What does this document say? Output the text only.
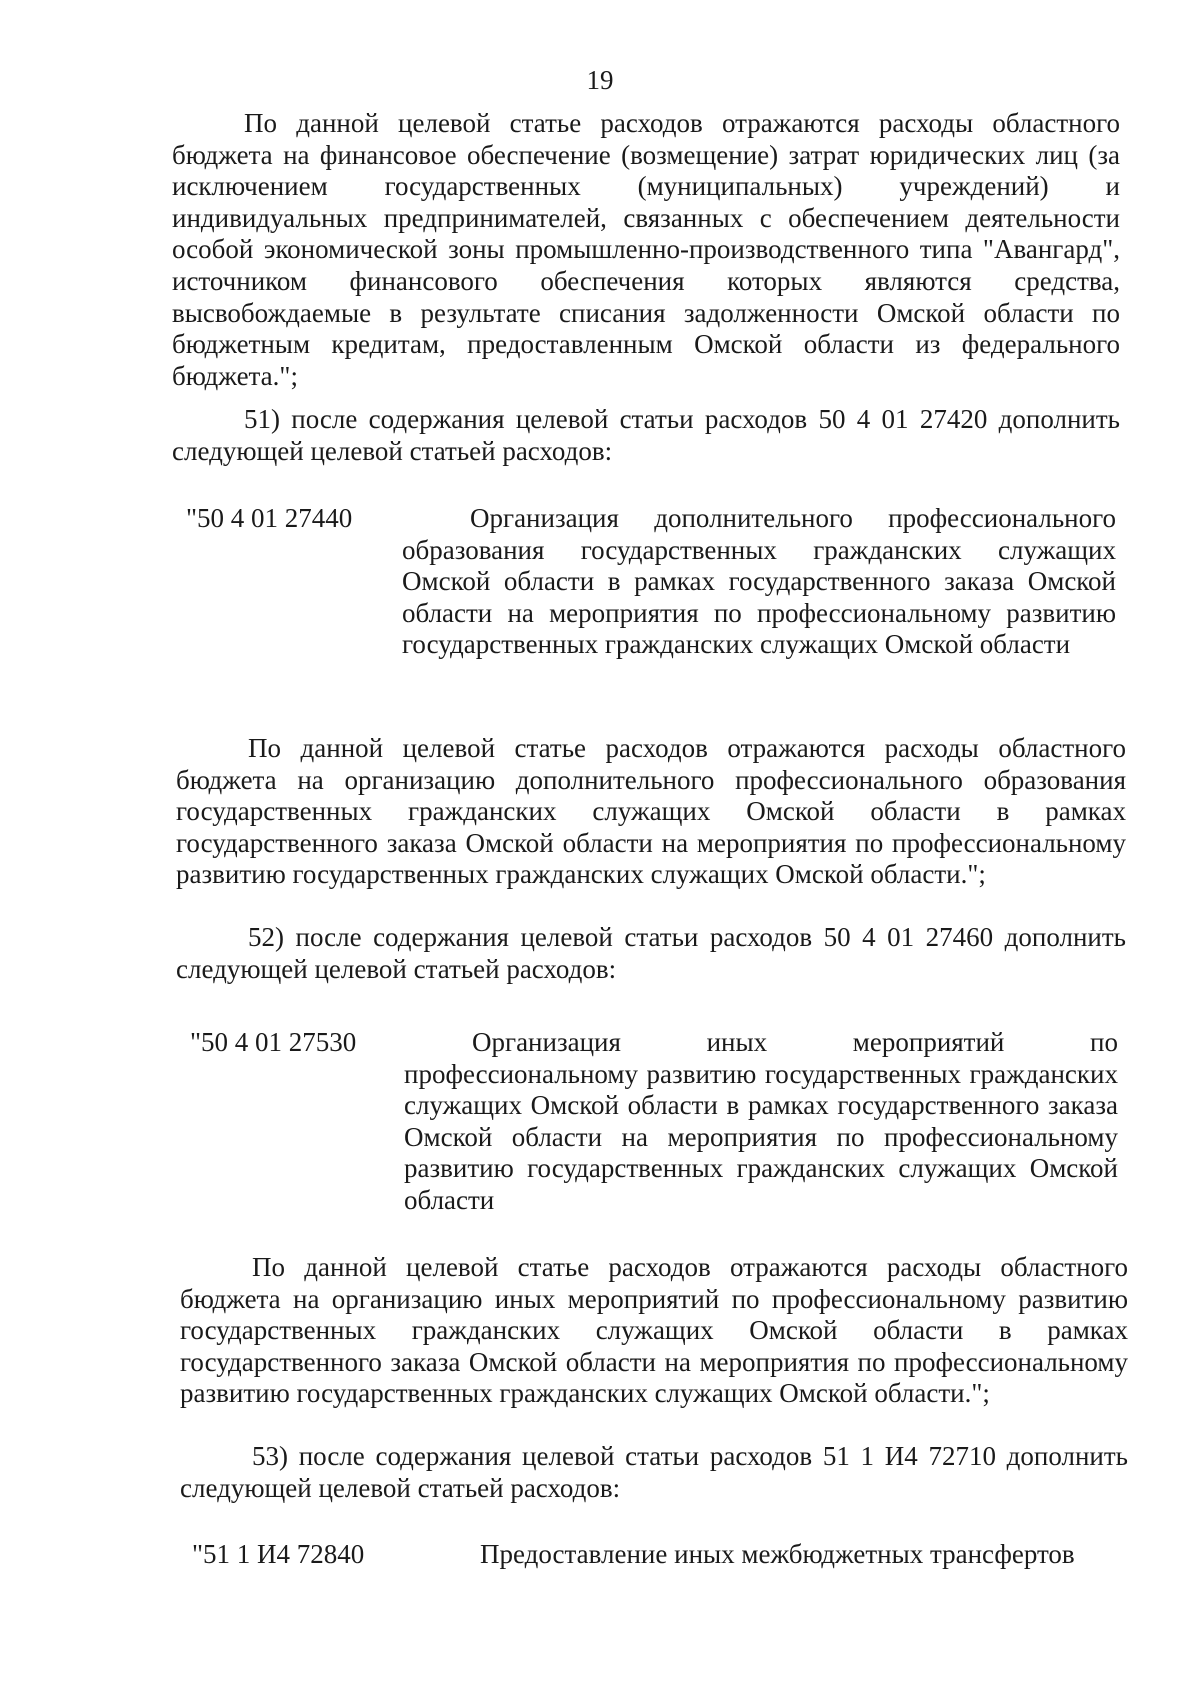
19

По данной целевой статье расходов отражаются расходы областного бюджета на финансовое обеспечение (возмещение) затрат юридических лиц (за исключением государственных (муниципальных) учреждений) и индивидуальных предпринимателей, связанных с обеспечением деятельности особой экономической зоны промышленно-производственного типа "Авангард", источником финансового обеспечения которых являются средства, высвобождаемые в результате списания задолженности Омской области по бюджетным кредитам, предоставленным Омской области из федерального бюджета.";

51) после содержания целевой статьи расходов 50 4 01 27420 дополнить следующей целевой статьей расходов:

"50 4 01 27440	Организация дополнительного профессионального образования государственных гражданских служащих Омской области в рамках государственного заказа Омской области на мероприятия по профессиональному развитию государственных гражданских служащих Омской области

По данной целевой статье расходов отражаются расходы областного бюджета на организацию дополнительного профессионального образования государственных гражданских служащих Омской области в рамках государственного заказа Омской области на мероприятия по профессиональному развитию государственных гражданских служащих Омской области.";

52) после содержания целевой статьи расходов 50 4 01 27460 дополнить следующей целевой статьей расходов:

"50 4 01 27530	Организация иных мероприятий по профессиональному развитию государственных гражданских служащих Омской области в рамках государственного заказа Омской области на мероприятия по профессиональному развитию государственных гражданских служащих Омской области

По данной целевой статье расходов отражаются расходы областного бюджета на организацию иных мероприятий по профессиональному развитию государственных гражданских служащих Омской области в рамках государственного заказа Омской области на мероприятия по профессиональному развитию государственных гражданских служащих Омской области.";

53) после содержания целевой статьи расходов 51 1 И4 72710 дополнить следующей целевой статьей расходов:

"51 1 И4 72840	Предоставление иных межбюджетных трансфертов
